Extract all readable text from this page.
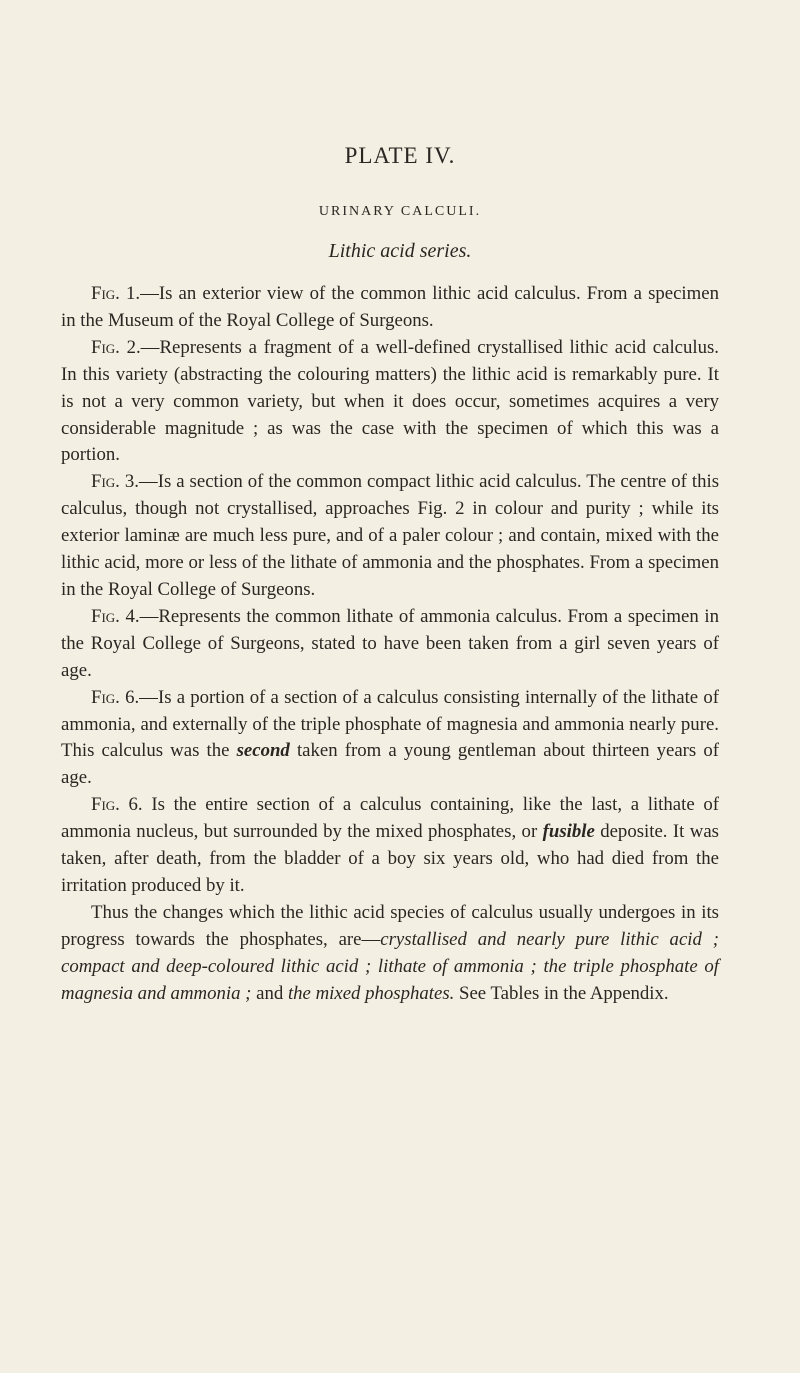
PLATE IV.
URINARY CALCULI.
Lithic acid series.

Fig. 1.—Is an exterior view of the common lithic acid calculus. From a specimen in the Museum of the Royal College of Surgeons.

Fig. 2.—Represents a fragment of a well-defined crystallised lithic acid calculus. In this variety (abstracting the colouring matters) the lithic acid is remarkably pure. It is not a very common variety, but when it does occur, sometimes acquires a very considerable magnitude ; as was the case with the specimen of which this was a portion.

Fig. 3.—Is a section of the common compact lithic acid calculus. The centre of this calculus, though not crystallised, approaches Fig. 2 in colour and purity ; while its exterior laminæ are much less pure, and of a paler colour ; and contain, mixed with the lithic acid, more or less of the lithate of ammonia and the phosphates. From a specimen in the Royal College of Surgeons.

Fig. 4.—Represents the common lithate of ammonia calculus. From a specimen in the Royal College of Surgeons, stated to have been taken from a girl seven years of age.

Fig. 6.—Is a portion of a section of a calculus consisting internally of the lithate of ammonia, and externally of the triple phosphate of magnesia and ammonia nearly pure. This calculus was the second taken from a young gentleman about thirteen years of age.

Fig. 6. Is the entire section of a calculus containing, like the last, a lithate of ammonia nucleus, but surrounded by the mixed phosphates, or fusible deposite. It was taken, after death, from the bladder of a boy six years old, who had died from the irritation produced by it.

Thus the changes which the lithic acid species of calculus usually undergoes in its progress towards the phosphates, are—crystallised and nearly pure lithic acid ; compact and deep-coloured lithic acid ; lithate of ammonia ; the triple phosphate of magnesia and ammonia ; and the mixed phosphates. See Tables in the Appendix.
